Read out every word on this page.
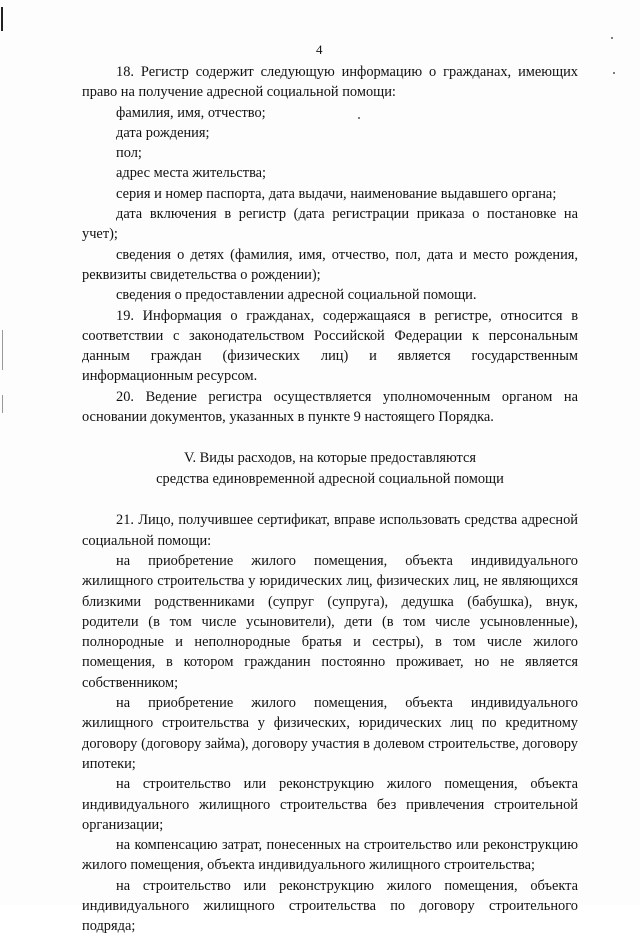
4

18. Регистр содержит следующую информацию о гражданах, имеющих право на получение адресной социальной помощи:

фамилия, имя, отчество;

дата рождения;

пол;

адрес места жительства;

серия и номер паспорта, дата выдачи, наименование выдавшего органа;

дата включения в регистр (дата регистрации приказа о постановке на учет);

сведения о детях (фамилия, имя, отчество, пол, дата и место рождения, реквизиты свидетельства о рождении);

сведения о предоставлении адресной социальной помощи.

19. Информация о гражданах, содержащаяся в регистре, относится в соответствии с законодательством Российской Федерации к персональным данным граждан (физических лиц) и является государственным информационным ресурсом.

20. Ведение регистра осуществляется уполномоченным органом на основании документов, указанных в пункте 9 настоящего Порядка.

V. Виды расходов, на которые предоставляются
средства единовременной адресной социальной помощи

21. Лицо, получившее сертификат, вправе использовать средства адресной социальной помощи:

на приобретение жилого помещения, объекта индивидуального жилищного строительства у юридических лиц, физических лиц, не являющихся близкими родственниками (супруг (супруга), дедушка (бабушка), внук, родители (в том числе усыновители), дети (в том числе усыновленные), полнородные и неполнородные братья и сестры), в том числе жилого помещения, в котором гражданин постоянно проживает, но не является собственником;

на приобретение жилого помещения, объекта индивидуального жилищного строительства у физических, юридических лиц по кредитному договору (договору займа), договору участия в долевом строительстве, договору ипотеки;

на строительство или реконструкцию жилого помещения, объекта индивидуального жилищного строительства без привлечения строительной организации;

на компенсацию затрат, понесенных на строительство или реконструкцию жилого помещения, объекта индивидуального жилищного строительства;

на строительство или реконструкцию жилого помещения, объекта индивидуального жилищного строительства по договору строительного подряда;
